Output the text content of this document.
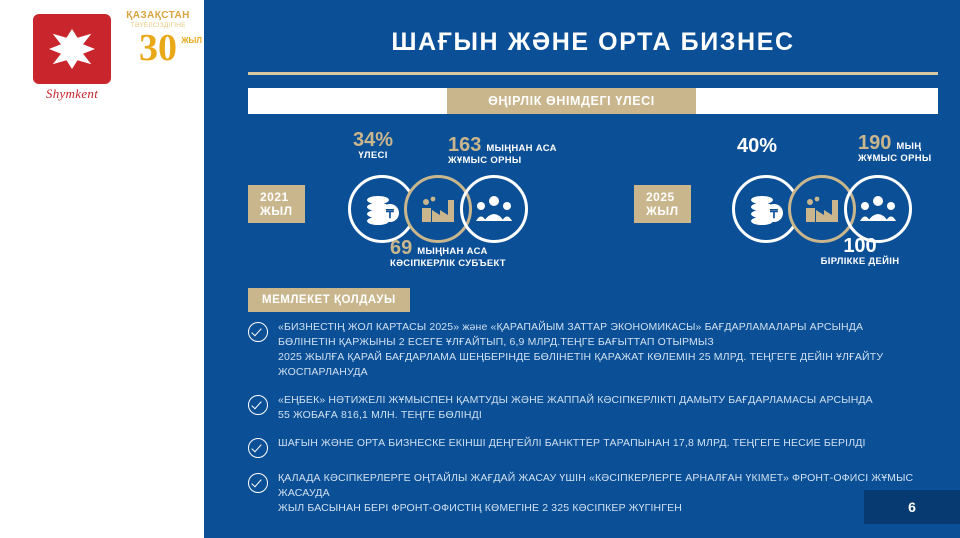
Shymkent
ҚАЗАҚСТАН
ТӘУЕЛСІЗДІГІНЕ
30 ЖЫЛ	ШАҒЫН ЖӘНЕ ОРТА БИЗНЕС
ӨҢІРЛІК ӨНІМДЕГІ ҮЛЕСІ
2021 ЖЫЛ
34%
ҮЛЕСІ
₸
163 МЫҢНАН АСА
ЖҰМЫС ОРНЫ
69 МЫҢНАН АСА
КӘСІПКЕРЛІК СУБЪЕКТ
2025 ЖЫЛ
40%
₸
190 МЫҢ
ЖҰМЫС ОРНЫ
100
БІРЛІККЕ ДЕЙІН
МЕМЛЕКЕТ ҚОЛДАУЫ
«БИЗНЕСТІҢ ЖОЛ КАРТАСЫ 2025» және «ҚАРАПАЙЫМ ЗАТТАР ЭКОНОМИКАСЫ» БАҒДАРЛАМАЛАРЫ АРСЫНДА
БӨЛІНЕТІН ҚАРЖЫНЫ 2 ЕСЕГЕ ҰЛҒАЙТЫП, 6,9 МЛРД.ТЕҢГЕ БАҒЫТТАП ОТЫРМЫЗ
2025 ЖЫЛҒА ҚАРАЙ БАҒДАРЛАМА ШЕҢБЕРІНДЕ БӨЛІНЕТІН ҚАРАЖАТ КӨЛЕМІН 25 МЛРД. ТЕҢГЕГЕ ДЕЙІН ҰЛҒАЙТУ ЖОСПАРЛАНУДА
«ЕҢБЕК» НӘТИЖЕЛІ ЖҰМЫСПЕН ҚАМТУДЫ ЖӘНЕ ЖАППАЙ КӘСІПКЕРЛІКТІ ДАМЫТУ БАҒДАРЛАМАСЫ АРСЫНДА
55 ЖОБАҒА 816,1 МЛН. ТЕҢГЕ БӨЛІНДІ
ШАҒЫН ЖӘНЕ ОРТА БИЗНЕСКЕ ЕКІНШІ ДЕҢГЕЙЛІ БАНКТТЕР ТАРАПЫНАН 17,8 МЛРД. ТЕҢГЕГЕ НЕСИЕ БЕРІЛДІ
ҚАЛАДА КӘСІПКЕРЛЕРГЕ ОҢТАЙЛЫ ЖАҒДАЙ ЖАСАУ ҮШІН «КӘСІПКЕРЛЕРГЕ АРНАЛҒАН ҮКІМЕТ» ФРОНТ-ОФИСІ ЖҰМЫС ЖАСАУДА
ЖЫЛ БАСЫНАН БЕРІ ФРОНТ-ОФИСТІҢ КӨМЕГІНЕ 2 325 КӘСІПКЕР ЖҮГІНГЕН	6
